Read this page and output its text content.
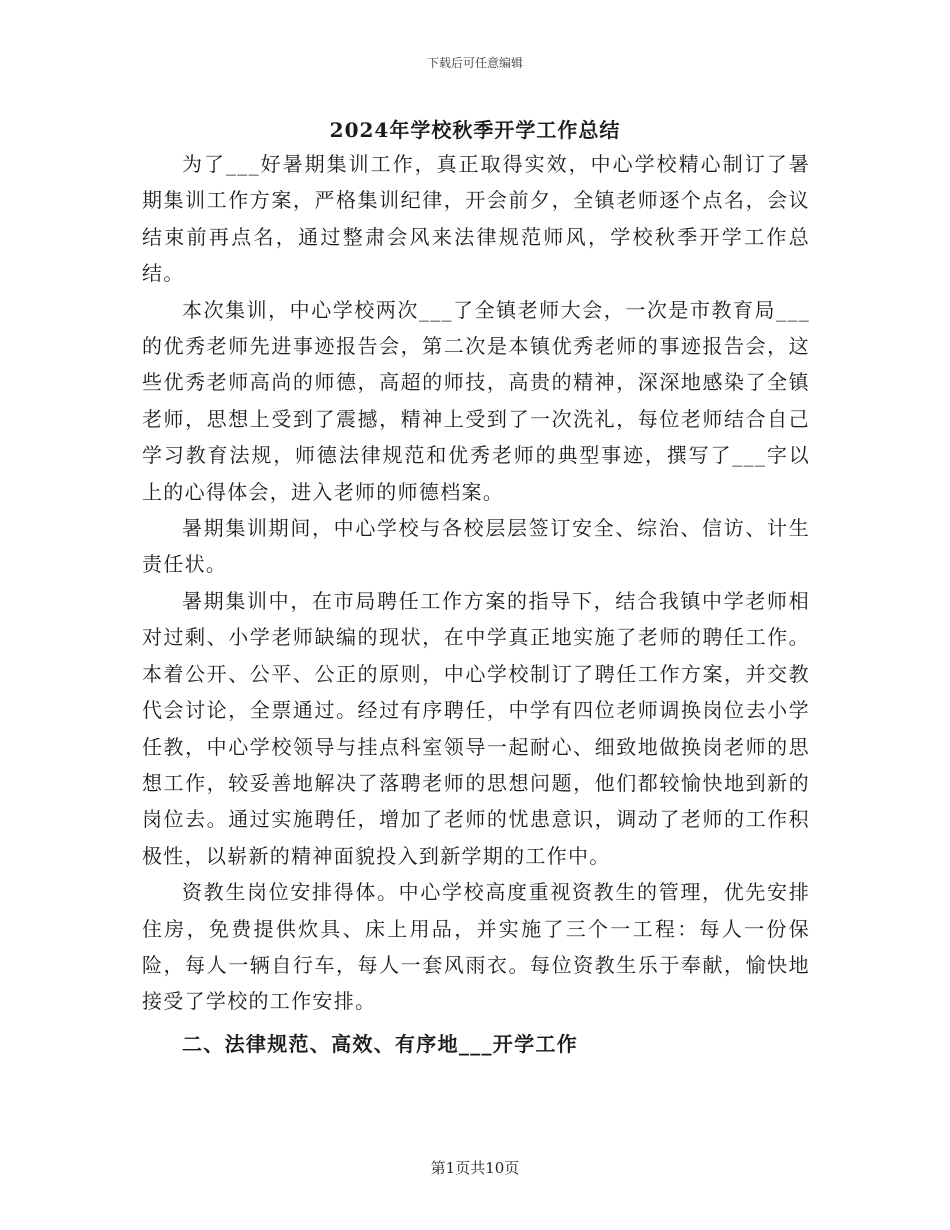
下载后可任意编辑
2024年学校秋季开学工作总结

为了___好暑期集训工作，真正取得实效，中心学校精心制订了暑期集训工作方案，严格集训纪律，开会前夕，全镇老师逐个点名，会议结束前再点名，通过整肃会风来法律规范师风，学校秋季开学工作总结。

本次集训，中心学校两次___了全镇老师大会，一次是市教育局___的优秀老师先进事迹报告会，第二次是本镇优秀老师的事迹报告会，这些优秀老师高尚的师德，高超的师技，高贵的精神，深深地感染了全镇老师，思想上受到了震撼，精神上受到了一次洗礼，每位老师结合自己学习教育法规，师德法律规范和优秀老师的典型事迹，撰写了___字以上的心得体会，进入老师的师德档案。

暑期集训期间，中心学校与各校层层签订安全、综治、信访、计生责任状。

暑期集训中，在市局聘任工作方案的指导下，结合我镇中学老师相对过剩、小学老师缺编的现状，在中学真正地实施了老师的聘任工作。本着公开、公平、公正的原则，中心学校制订了聘任工作方案，并交教代会讨论，全票通过。经过有序聘任，中学有四位老师调换岗位去小学任教，中心学校领导与挂点科室领导一起耐心、细致地做换岗老师的思想工作，较妥善地解决了落聘老师的思想问题，他们都较愉快地到新的岗位去。通过实施聘任，增加了老师的忧患意识，调动了老师的工作积极性，以崭新的精神面貌投入到新学期的工作中。

资教生岗位安排得体。中心学校高度重视资教生的管理，优先安排住房，免费提供炊具、床上用品，并实施了三个一工程：每人一份保险，每人一辆自行车，每人一套风雨衣。每位资教生乐于奉献，愉快地接受了学校的工作安排。

二、法律规范、高效、有序地___开学工作

第1页共10页
